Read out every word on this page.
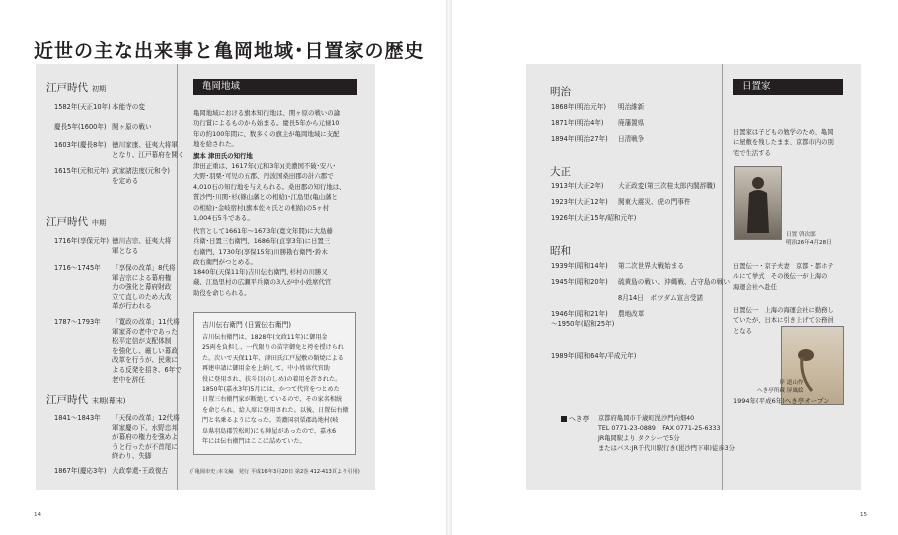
近世の主な出来事と亀岡地域･日置家の歴史
江戸時代 初期
江戸時代 中期
江戸時代 末期(幕末)
1582年(天正10年) 本能寺の変
慶長5年(1600年) 関ヶ原の戦い
1603年(慶長8年) 徳川家康、征夷大将軍
となり、江戸幕府を開く
1615年(元和元年) 武家諸法度(元和令)
を定める
1716年(享保元年) 徳川吉宗、征夷大将
軍となる
1716～1745年 「享保の改革」8代将
軍吉宗による幕府権
力の強化と幕府財政
立て直しのため大改
革が行われる
1787～1793年 「寛政の改革」11代将
軍家斉の老中であった
松平定信が支配体制
を強化し、厳しい幕政
改革を行うが、民衆に
よる反発を招き、6年で
老中を辞任
1841～1843年 「天保の改革」12代将
軍家慶の下、水野忠邦
が幕府の権力を強めよ
うと行ったが不首尾に
終わり、失脚
1867年(慶応3年) 大政奉還･王政復古
亀岡地域
亀岡地域における旗本知行地は、関ヶ原の戦いの論
功行賞によるものから始まる。慶長5年から元禄10
年の約100年間に、数多くの旗主が亀岡地域に支配
地を給された。
旗本 津田氏の知行地
津田正重は、1617年(元和3年)(美濃国不破･安八･
大野･羽栗･可児の五郡、丹波国桑田郡の計六郡で
4,010石の知行地を与えられる。桑田郡の知行地は、
質沙門･川関･杉(篠山藩との相給)･江島里(亀山藩と
の相給)･金岐宿村(旗本佐々氏との相給)の5ヶ村
1,004石5斗である。
代官として1661年～1673年(寛文年間)に大島藤
兵衛･日置三右衛門、1686年(貞享3年)に日置三
右衛門、1730年(享保15年)川勝勘右衛門･鈴木
政右衛門がつとめる。
1840年(天保11年)吉川伝右衛門､杉村の川勝又
蔵、江島里村の広瀬平兵衛の3人が中小姓席代官
助役を命じられる。
吉川伝右衛門 (日置伝右衛門)
吉川伝右衛門は、1828年(文政11年)に御用金
25両を負担し、一代限りの苗字御免と袴を授けられ
た。次いで天保11年、津田氏江戸屋敷の類焼による
再建申請に御用金を上納して、中小姓席代官助
役に登用され、扶斗目(のしめ)の着用を許された。
1850年(嘉永3年)5月には、かつて代官をつとめた
日置三右衛門家が断絶しているので、その家名相続
を命じられ、給人席に登用された。以後、日置伝右衛
門と名乗るようになった。美濃国羽栗郡島地村(岐
阜県羽島郡笠松町)にも陣屋があったので、嘉永6
年には伝右衛門はここに詰めていた。
(｢亀岡市史｣本文編　発行 平成16年3月20日 第2巻 412-413頁より引用)
14
明治
大正
昭和
1868年(明治元年) 明治維新
1871年(明治4年) 廃藩置県
1894年(明治27年) 日清戦争
1913年(大正2年) 大正政変(第三次桂太郎内閣辞職)
1923年(大正12年) 関東大震災、虎の門事件
1926年(大正15年/昭和元年)
1939年(昭和14年) 第二次世界大戦始まる
1945年(昭和20年) 硫黄島の戦い、沖縄戦、占守島の戦い
8月14日　ポツダム宣言受諾
1946年(昭和21年)
～1950年(昭和25年)
農地改革
1989年(昭和64年/平成元年)
日置家
日置家は子どもの勉学のため、亀岡
に屋敷を残したまま、京都市内の別
宅で生活する
日置 啓次郎
明治26年4月28日
日置伝一・京子夫妻　京都・都ホテ
ルにて挙式　その後伝一が上海の
海運会社へ赴任
日置伝一　上海の海運会社に勤務し
ていたが、日本に引き上げて公務員
となる
岸 道山作
へき亭所蔵 屏風絵
1994年(平成6年)へき亭オープン
へき亭 京都府亀岡市千歳町毘沙門向畑40
TEL 0771-23-0889　FAX 0771-25-6333
JR亀岡駅より タクシーで5分
またはバス:JR千代川駅行き(毘沙門下車)徒歩3分
15
